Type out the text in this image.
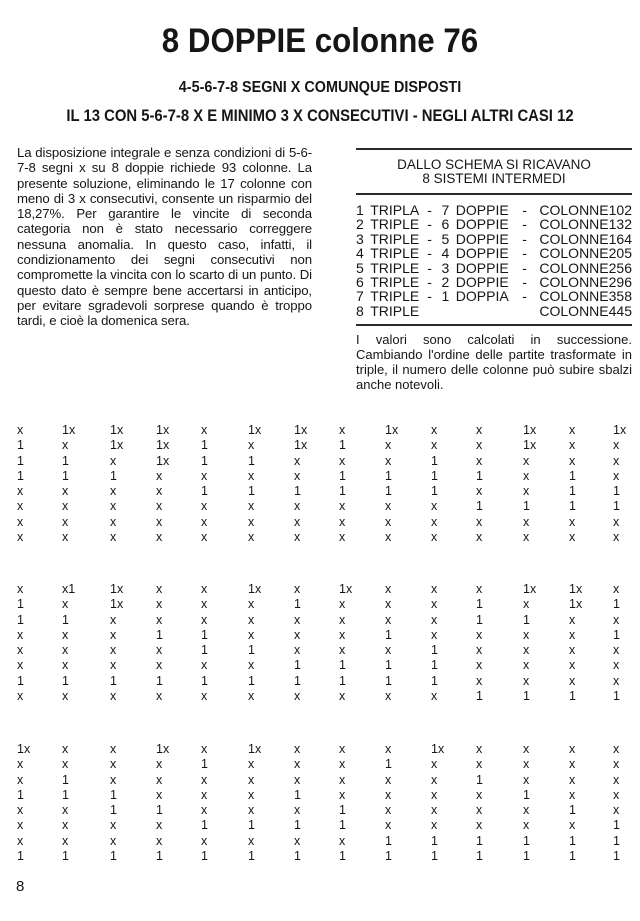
8 DOPPIE colonne 76
4-5-6-7-8 SEGNI X COMUNQUE DISPOSTI
IL 13 CON 5-6-7-8 X E MINIMO 3 X CONSECUTIVI - NEGLI ALTRI CASI 12

La disposizione integrale e senza condizioni di 5-6-7-8 segni x su 8 doppie richiede 93 colonne. La presente soluzione, eliminando le 17 colonne con meno di 3 x consecutivi, consente un risparmio del 18,27%. Per garantire le vincite di seconda categoria non è stato necessario correggere nessuna anomalia. In questo caso, infatti, il condizionamento dei segni consecutivi non compromette la vincita con lo scarto di un punto. Di questo dato è sempre bene accertarsi in anticipo, per evitare sgradevoli sorprese quando è troppo tardi, e cioè la domenica sera.

DALLO SCHEMA SI RICAVANO
8 SISTEMI INTERMEDI
1 TRIPLA - 7 DOPPIE - COLONNE 102
2 TRIPLE - 6 DOPPIE - COLONNE 132
3 TRIPLE - 5 DOPPIE - COLONNE 164
4 TRIPLE - 4 DOPPIE - COLONNE 205
5 TRIPLE - 3 DOPPIE - COLONNE 256
6 TRIPLE - 2 DOPPIE - COLONNE 296
7 TRIPLE - 1 DOPPIA - COLONNE 358
8 TRIPLE	COLONNE 445
I valori sono calcolati in successione. Cambiando l'ordine delle partite trasformate in triple, il numero delle colonne può subire sbalzi anche notevoli.
x
1
1
1
x
x
x
x
1x
x
1
1
x
x
x
x
1x
1x
x
1
x
x
x
x
1x
1x
1x
x
x
x
x
x
x
1
1
x
1
x
x
x
1x
x
1
x
1
x
x
x
1x
1x
x
x
1
x
x
x
x
1
x
1
1
x
x
x
1x
x
x
1
1
x
x
x
x
x
1
1
1
x
x
x
x
x
x
1
x
1
x
x
1x
1x
x
x
x
1
x
x
x
x
x
1
1
1
x
x
1x
x
x
x
1
1
x
x
x
1
1
x
x
x
1
x
x1
x
1
x
x
x
1
x
1x
1x
x
x
x
x
1
x
x
x
x
1
x
x
1
x
x
x
x
1
1
x
1
x
1x
x
x
x
1
x
1
x
x
1
x
x
x
1
1
x
1x
x
x
x
x
1
1
x
x
x
x
1
x
1
1
x
x
x
x
x
1
1
1
x
x
1
1
x
x
x
x
1
1x
x
1
x
x
x
x
1
1x
1x
x
x
x
x
x
1
x
1
x
1
x
x
x
1
1x
x
x
1
x
x
x
1
x
x
1
1
x
x
x
1
x
x
x
1
1
x
x
1
1x
x
x
x
1
x
x
1
x
1
x
x
x
1
x
1
1x
x
x
x
x
1
x
1
x
x
x
1
x
1
x
1
x
x
x
x
1
1
x
1
x
1
x
x
x
x
1
1
1x
x
x
x
x
x
1
1
x
x
1
x
x
x
1
1
x
x
x
1
x
x
1
1
x
x
x
x
1
x
1
1
x
x
x
x
x
1
1
1
8
